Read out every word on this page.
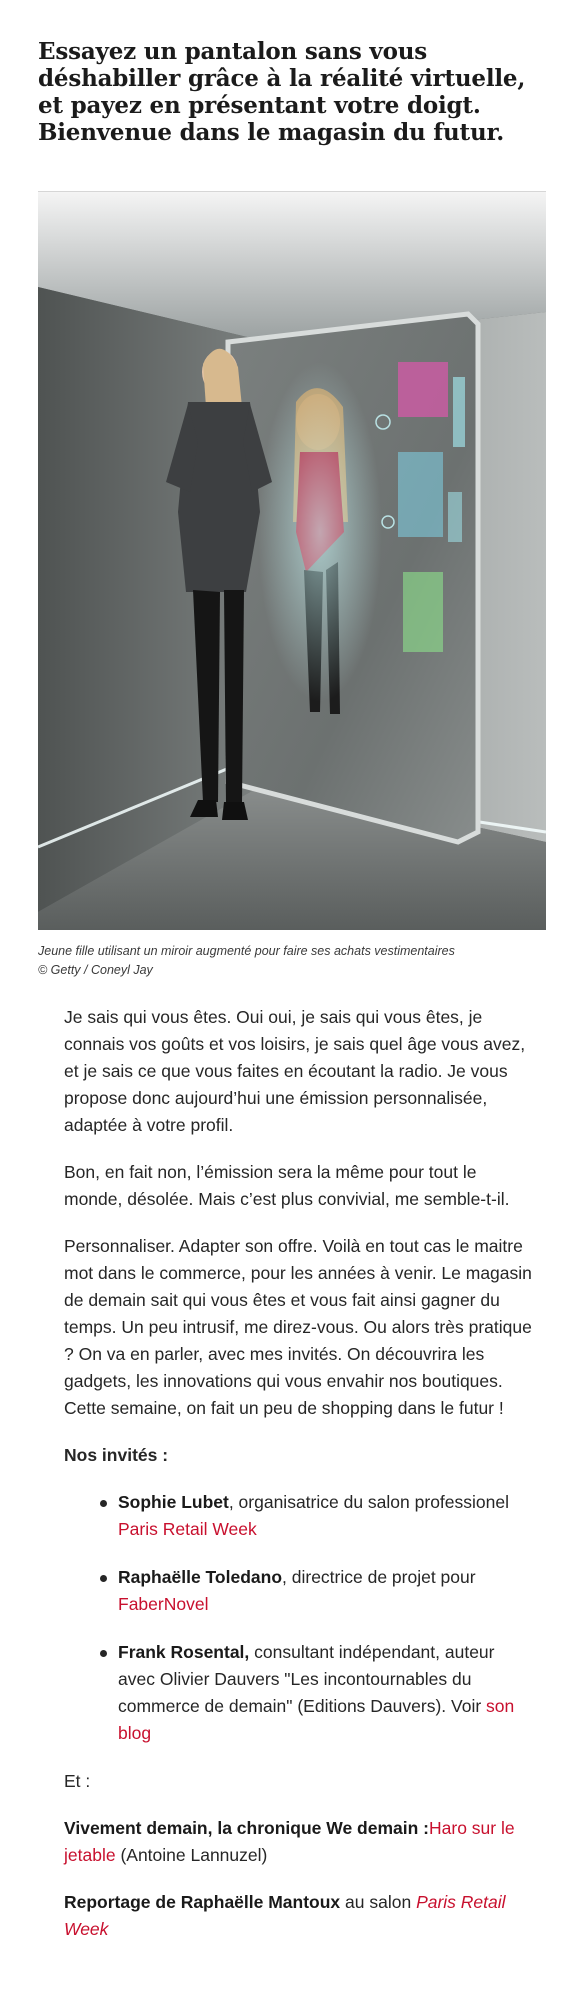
Essayez un pantalon sans vous déshabiller grâce à la réalité virtuelle, et payez en présentant votre doigt. Bienvenue dans le magasin du futur.
Jeune fille utilisant un miroir augmenté pour faire ses achats vestimentaires
© Getty / Coneyl Jay

Je sais qui vous êtes. Oui oui, je sais qui vous êtes, je connais vos goûts et vos loisirs, je sais quel âge vous avez, et je sais ce que vous faites en écoutant la radio. Je vous propose donc aujourd’hui une émission personnalisée, adaptée à votre profil.

Bon, en fait non, l’émission sera la même pour tout le monde, désolée. Mais c’est plus convivial, me semble-t-il.

Personnaliser. Adapter son offre. Voilà en tout cas le maitre mot dans le commerce, pour les années à venir. Le magasin de demain sait qui vous êtes et vous fait ainsi gagner du temps. Un peu intrusif, me direz-vous. Ou alors très pratique ? On va en parler, avec mes invités. On découvrira les gadgets, les innovations qui vous envahir nos boutiques. Cette semaine, on fait un peu de shopping dans le futur !

Nos invités :

Sophie Lubet, organisatrice du salon professionel Paris Retail Week
Raphaëlle Toledano, directrice de projet pour FaberNovel
Frank Rosental, consultant indépendant, auteur avec Olivier Dauvers "Les incontournables du commerce de demain" (Editions Dauvers). Voir son blog

Et :

Vivement demain, la chronique We demain :Haro sur le jetable (Antoine Lannuzel)

Reportage de Raphaëlle Mantoux au salon Paris Retail Week
